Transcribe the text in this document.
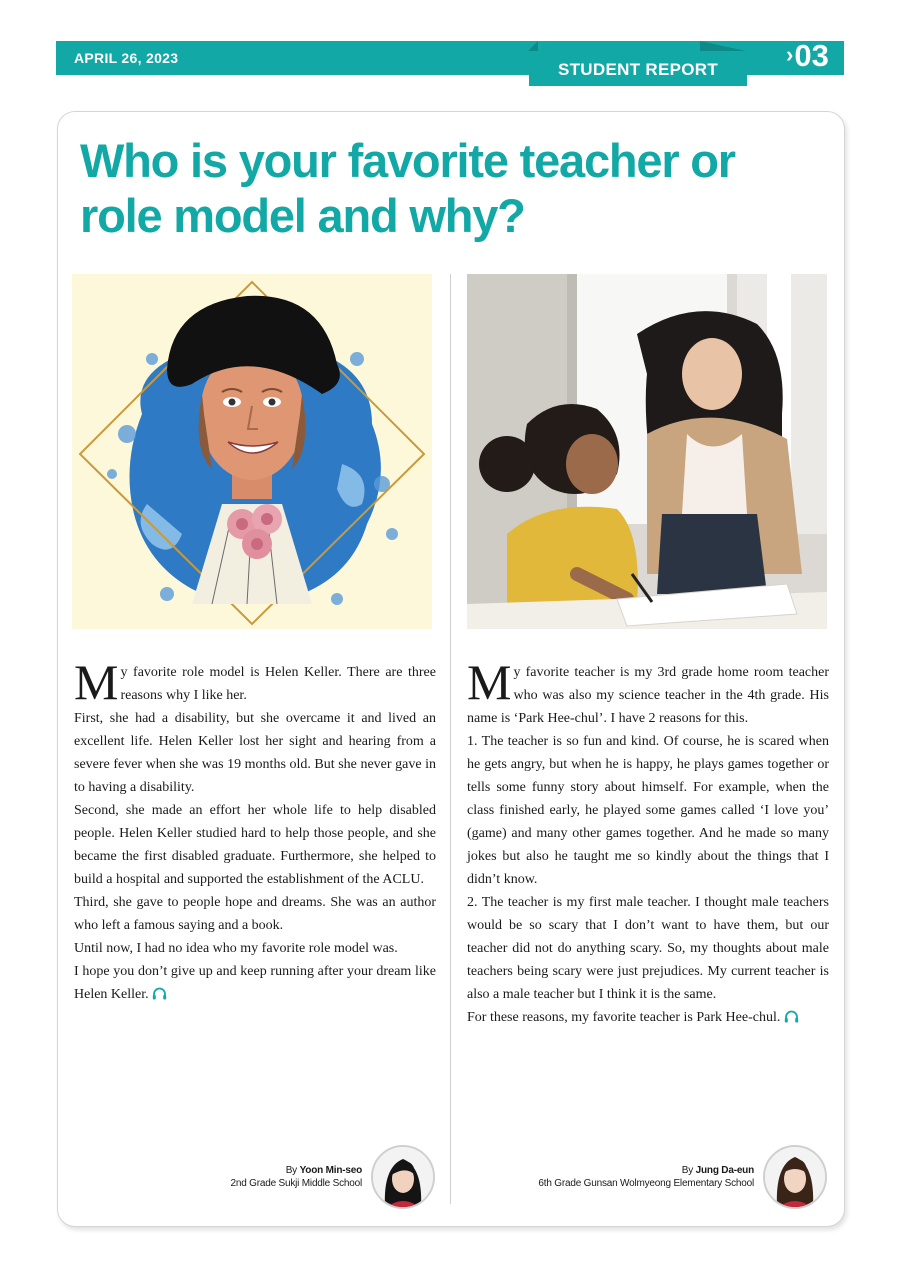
APRIL 26, 2023
STUDENT REPORT
›03
Who is your favorite teacher or
role model and why?

My favorite role model is Helen Keller. There are three reasons why I like her.

First, she had a disability, but she overcame it and lived an excellent life. Helen Keller lost her sight and hearing from a severe fever when she was 19 months old. But she never gave in to having a disability.

Second, she made an effort her whole life to help disabled people. Helen Keller studied hard to help those people, and she became the first disabled graduate. Furthermore, she helped to build a hospital and supported the establishment of the ACLU.

Third, she gave to people hope and dreams. She was an author who left a famous saying and a book.

Until now, I had no idea who my favorite role model was.

I hope you don’t give up and keep running after your dream like Helen Keller.

My favorite teacher is my 3rd grade home room teacher who was also my science teacher in the 4th grade. His name is ‘Park Hee-chul’. I have 2 reasons for this.

1. The teacher is so fun and kind. Of course, he is scared when he gets angry, but when he is happy, he plays games together or tells some funny story about himself. For example, when the class finished early, he played some games called ‘I love you’ (game) and many other games together. And he made so many jokes but also he taught me so kindly about the things that I didn’t know.

2. The teacher is my first male teacher. I thought male teachers would be so scary that I don’t want to have them, but our teacher did not do anything scary. So, my thoughts about male teachers being scary were just prejudices. My current teacher is also a male teacher but I think it is the same.

For these reasons, my favorite teacher is Park Hee-chul.

By Yoon Min-seo
2nd Grade Sukji Middle School
By Jung Da-eun
6th Grade Gunsan Wolmyeong Elementary School
